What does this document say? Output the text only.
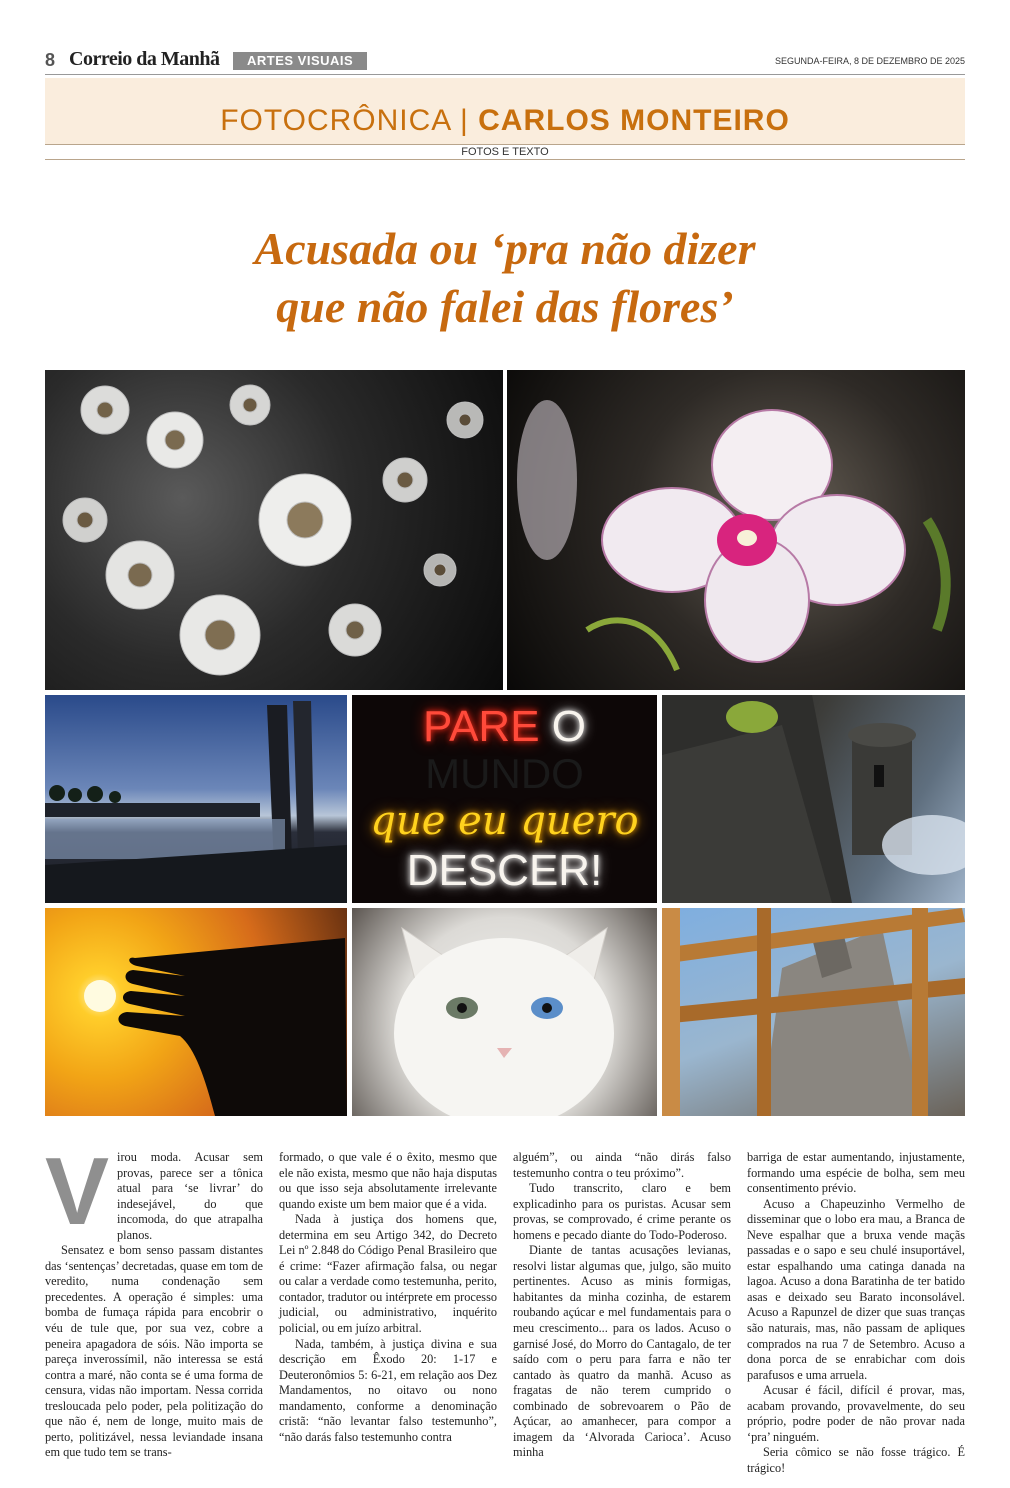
8 Correio da Manhã	ARTES VISUAIS	SEGUNDA-FEIRA, 8 DE DEZEMBRO DE 2025
FOTOCRÔNICA | CARLOS MONTEIRO
FOTOS E TEXTO
Acusada ou ‘pra não dizer
que não falei das flores’
PARE O
MUNDO
que eu quero
DESCER!
V irou moda. Acusar sem provas, parece ser a tônica atual para ‘se livrar’ do indesejável, do que incomoda, do que atrapalha planos.

Sensatez e bom senso passam distantes das ‘sentenças’ decretadas, quase em tom de veredito, numa condenação sem precedentes. A operação é simples: uma bomba de fumaça rápida para encobrir o véu de tule que, por sua vez, cobre a peneira apagadora de sóis. Não importa se pareça inverossímil, não interessa se está contra a maré, não conta se é uma forma de censura, vidas não importam. Nessa corrida tresloucada pelo poder, pela politização do que não é, nem de longe, muito mais de perto, politizável, nessa leviandade insana em que tudo tem se trans-

formado, o que vale é o êxito, mesmo que ele não exista, mesmo que não haja disputas ou que isso seja absolutamente irrelevante quando existe um bem maior que é a vida.

Nada à justiça dos homens que, determina em seu Artigo 342, do Decreto Lei nº 2.848 do Código Penal Brasileiro que é crime: “Fazer afirmação falsa, ou negar ou calar a verdade como testemunha, perito, contador, tradutor ou intérprete em processo judicial, ou administrativo, inquérito policial, ou em juízo arbitral.

Nada, também, à justiça divina e sua descrição em Êxodo 20: 1-17 e Deuteronômios 5: 6-21, em relação aos Dez Mandamentos, no oitavo ou nono mandamento, conforme a denominação cristã: “não levantar falso testemunho”, “não darás falso testemunho contra

alguém”, ou ainda “não dirás falso testemunho contra o teu próximo”.

Tudo transcrito, claro e bem explicadinho para os puristas. Acusar sem provas, se comprovado, é crime perante os homens e pecado diante do Todo-Poderoso.

Diante de tantas acusações levianas, resolvi listar algumas que, julgo, são muito pertinentes. Acuso as minis formigas, habitantes da minha cozinha, de estarem roubando açúcar e mel fundamentais para o meu crescimento... para os lados. Acuso o garnisé José, do Morro do Cantagalo, de ter saído com o peru para farra e não ter cantado às quatro da manhã. Acuso as fragatas de não terem cumprido o combinado de sobrevoarem o Pão de Açúcar, ao amanhecer, para compor a imagem da ‘Alvorada Carioca’. Acuso minha

barriga de estar aumentando, injustamente, formando uma espécie de bolha, sem meu consentimento prévio.

Acuso a Chapeuzinho Vermelho de disseminar que o lobo era mau, a Branca de Neve espalhar que a bruxa vende maçãs passadas e o sapo e seu chulé insuportável, estar espalhando uma catinga danada na lagoa. Acuso a dona Baratinha de ter batido asas e deixado seu Barato inconsolável. Acuso a Rapunzel de dizer que suas tranças são naturais, mas, não passam de apliques comprados na rua 7 de Setembro. Acuso a dona porca de se enrabichar com dois parafusos e uma arruela.

Acusar é fácil, difícil é provar, mas, acabam provando, provavelmente, do seu próprio, podre poder de não provar nada ‘pra’ ninguém.

Seria cômico se não fosse trágico. É trágico!
